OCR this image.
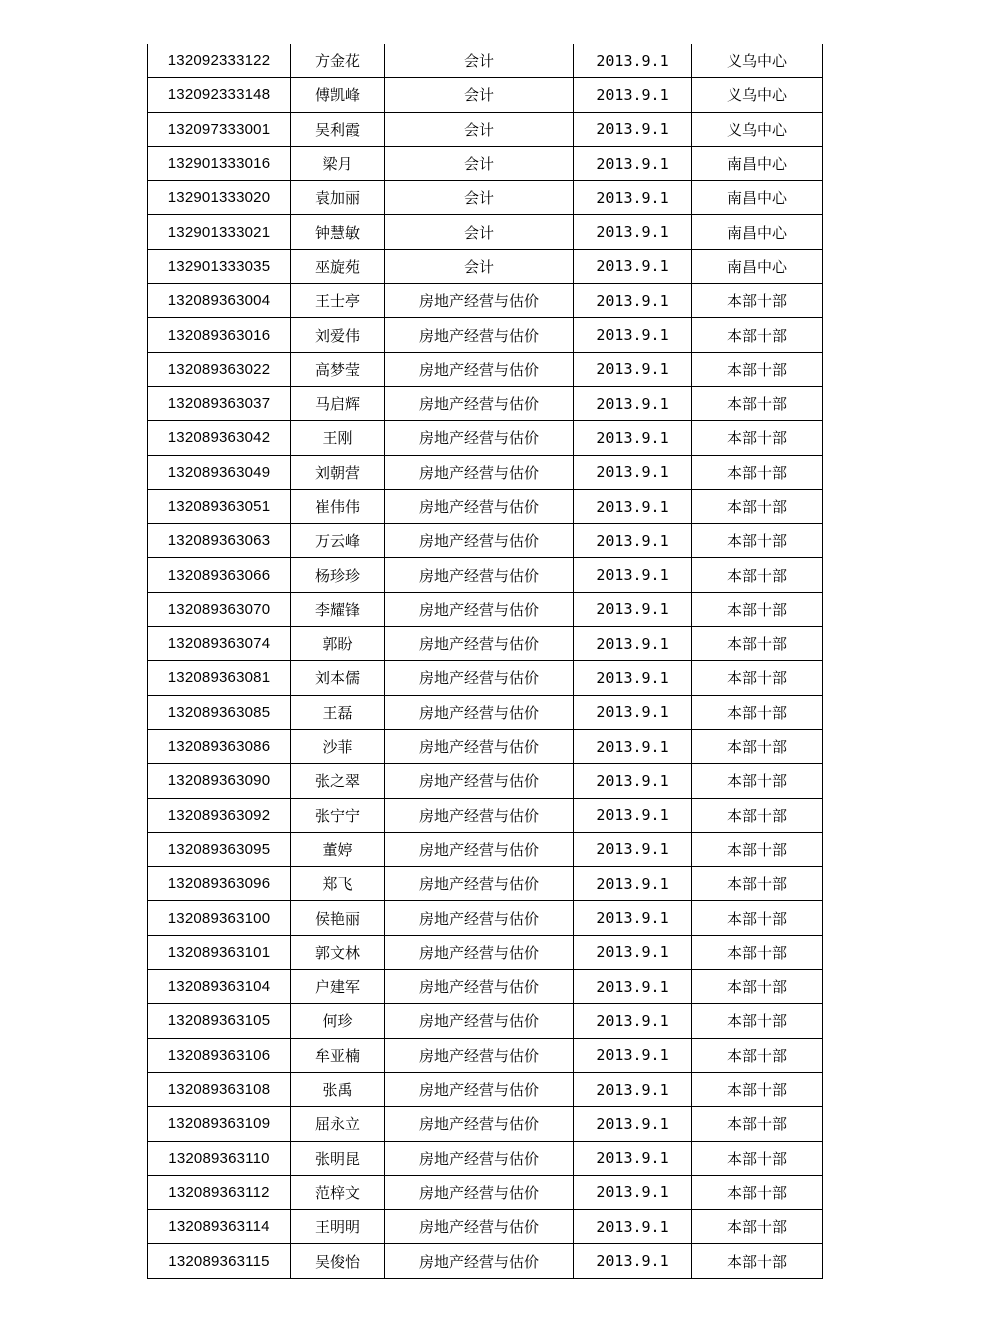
132092333122	方金花	会计	2013.9.1	义乌中心
132092333148	傅凯峰	会计	2013.9.1	义乌中心
132097333001	吴利霞	会计	2013.9.1	义乌中心
132901333016	梁月	会计	2013.9.1	南昌中心
132901333020	袁加丽	会计	2013.9.1	南昌中心
132901333021	钟慧敏	会计	2013.9.1	南昌中心
132901333035	巫旋苑	会计	2013.9.1	南昌中心
132089363004	王士亭	房地产经营与估价	2013.9.1	本部十部
132089363016	刘爱伟	房地产经营与估价	2013.9.1	本部十部
132089363022	高梦莹	房地产经营与估价	2013.9.1	本部十部
132089363037	马启辉	房地产经营与估价	2013.9.1	本部十部
132089363042	王刚	房地产经营与估价	2013.9.1	本部十部
132089363049	刘朝营	房地产经营与估价	2013.9.1	本部十部
132089363051	崔伟伟	房地产经营与估价	2013.9.1	本部十部
132089363063	万云峰	房地产经营与估价	2013.9.1	本部十部
132089363066	杨珍珍	房地产经营与估价	2013.9.1	本部十部
132089363070	李耀锋	房地产经营与估价	2013.9.1	本部十部
132089363074	郭盼	房地产经营与估价	2013.9.1	本部十部
132089363081	刘本儒	房地产经营与估价	2013.9.1	本部十部
132089363085	王磊	房地产经营与估价	2013.9.1	本部十部
132089363086	沙菲	房地产经营与估价	2013.9.1	本部十部
132089363090	张之翠	房地产经营与估价	2013.9.1	本部十部
132089363092	张宁宁	房地产经营与估价	2013.9.1	本部十部
132089363095	董婷	房地产经营与估价	2013.9.1	本部十部
132089363096	郑飞	房地产经营与估价	2013.9.1	本部十部
132089363100	侯艳丽	房地产经营与估价	2013.9.1	本部十部
132089363101	郭文林	房地产经营与估价	2013.9.1	本部十部
132089363104	户建军	房地产经营与估价	2013.9.1	本部十部
132089363105	何珍	房地产经营与估价	2013.9.1	本部十部
132089363106	牟亚楠	房地产经营与估价	2013.9.1	本部十部
132089363108	张禹	房地产经营与估价	2013.9.1	本部十部
132089363109	屈永立	房地产经营与估价	2013.9.1	本部十部
132089363110	张明昆	房地产经营与估价	2013.9.1	本部十部
132089363112	范梓文	房地产经营与估价	2013.9.1	本部十部
132089363114	王明明	房地产经营与估价	2013.9.1	本部十部
132089363115	吴俊怡	房地产经营与估价	2013.9.1	本部十部
